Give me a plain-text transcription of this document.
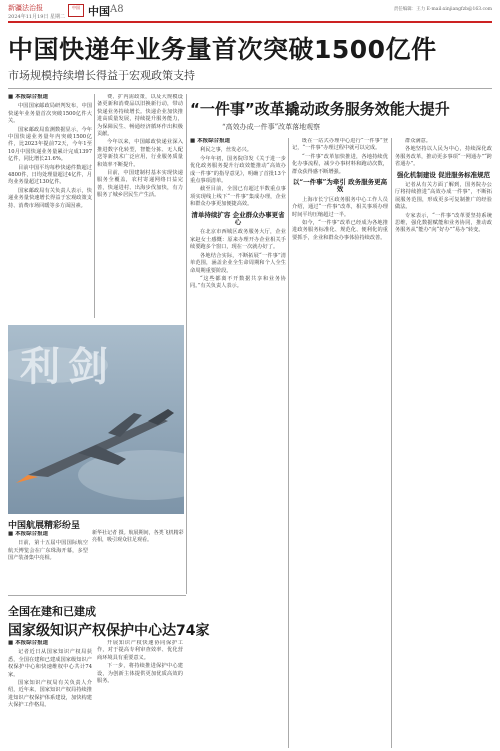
新疆法治报
2024年11月19日 星期二
中国 中国 A8	责任编辑：王力 E-mail:xinjiangfzb@163.com
中国快递年业务量首次突破1500亿件
市场规模持续增长得益于宏观政策支持
■ 本报综合报道

中国国家邮政局研判发布，中国快递年业务量首次突破1500亿件大关。

国家邮政局监测数据显示，今年中国快递业务量年内突破1500亿件，比2023年提前72天，今年1至10月中国快递业务量累计完成1397亿件，同比增长21.6%。

目前中国平均每秒快递件数超过4800件，日均处理量超过4亿件，月均业务量超过130亿件。

国家邮政局有关负责人表示，快递业务量快速增长得益于宏观政策支持、消费市场回暖等多方面因素。

费、扩内需政策，以及大规模设备更新和消费品以旧换新行动，带动快递业务持续增长。快递企业加快推进高质量发展，持续提升服务能力，为保障民生、畅通经济循环作出积极贡献。

今年以来，中国邮政快递业深入推进数字化转型，智能分拣、无人配送等新技术广泛应用，行业服务质量和效率不断提升。

目前，中国建制村基本实现快递服务全覆盖，农村寄递网络日益完善，快递进村、出海步伐加快，有力服务了城乡居民生产生活。

利剑
中国航展精彩纷呈
■ 本报综合报道

日前，第十五届中国国际航空航天博览会在广东珠海开幕，多型国产装备集中亮相。

新华社记者 摄。航展期间，各类飞机精彩亮相，吸引观众驻足观看。
全国在建和已建成
国家级知识产权保护中心达74家
■ 本报综合报道

记者近日从国家知识产权局获悉，全国在建和已建成国家级知识产权保护中心和快速维权中心共计74家。

国家知识产权局有关负责人介绍，近年来，国家知识产权局持续推进知识产权保护体系建设，加快构建大保护工作格局。

开展知识产权快速协同保护工作，对于提高专利审查效率、优化营商环境具有重要意义。

下一步，将持续推进保护中心建设，为创新主体提供更加优质高效的服务。

“一件事”改革撬动政务服务效能大提升
“高效办成一件事”改革落地观察
■ 本报综合报道

利民之事，丝发必兴。

今年年初，国务院印发《关于进一步优化政务服务提升行政效能推动“高效办成一件事”的指导意见》，明确了首批13个重点事项清单。

截至目前，全国已有超过半数重点事项实现线上线下“一件事”集成办理，企业和群众办事更加便捷高效。

清单持续扩容 企业群众办事更省心

在北京市西城区政务服务大厅，企业家赵女士感慨：原来办理开办企业相关手续要跑多个窗口，现在一次就办好了。

各地结合实际，不断拓展“一件事”清单范围，涵盖企业全生命周期和个人全生命周期重要阶段。

“这些都离不开数据共享和业务协同。”有关负责人表示。

既在一站式办理中心进行“一件事”登记，“一件事”办理过程中就可以完成。

“一件事”改革加快推进，各地持续优化办事流程，减少办事材料和跑动次数，群众获得感不断增强。

以“一件事”为牵引 政务服务更高效

上海市长宁区政务服务中心工作人员介绍，通过“一件事”改革，相关事项办理时间平均压缩超过一半。

如今，“一件事”改革已经成为各地推进政务服务标准化、规范化、便利化的重要抓手，企业和群众办事体验持续改善。

群众满意。

各地坚持以人民为中心，持续深化政务服务改革，推动更多事项“一网通办”“跨省通办”。

强化机制建设 促进服务标准规范

记者从有关方面了解到，国务院办公厅将持续推进“高效办成一件事”，不断拓展服务范围，形成更多可复制推广的经验做法。

专家表示，“一件事”改革要坚持系统思维，强化数据赋能和业务协同，推动政务服务从“能办”向“好办”“易办”转变。
